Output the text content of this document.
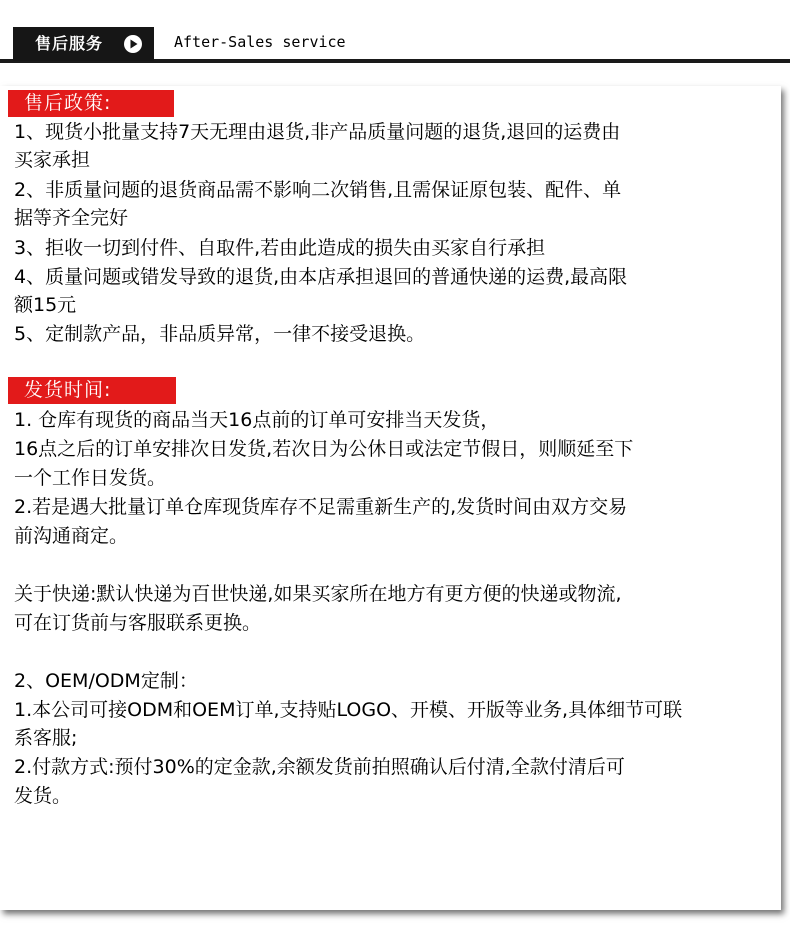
售后服务	After-Sales service
售后政策:
1、现货小批量支持7天无理由退货,非产品质量问题的退货,退回的运费由
买家承担
2、非质量问题的退货商品需不影响二次销售,且需保证原包装、配件、单
据等齐全完好
3、拒收一切到付件、自取件,若由此造成的损失由买家自行承担
4、质量问题或错发导致的退货,由本店承担退回的普通快递的运费,最高限
额15元
5、定制款产品，非品质异常，一律不接受退换。
发货时间:
1. 仓库有现货的商品当天16点前的订单可安排当天发货，
16点之后的订单安排次日发货,若次日为公休日或法定节假日，则顺延至下
一个工作日发货。
2.若是遇大批量订单仓库现货库存不足需重新生产的,发货时间由双方交易
前沟通商定。
关于快递:默认快递为百世快递,如果买家所在地方有更方便的快递或物流,
可在订货前与客服联系更换。
2、OEM/ODM定制：
1.本公司可接ODM和OEM订单,支持贴LOGO、开模、开版等业务,具体细节可联
系客服;
2.付款方式:预付30%的定金款,余额发货前拍照确认后付清,全款付清后可
发货。
